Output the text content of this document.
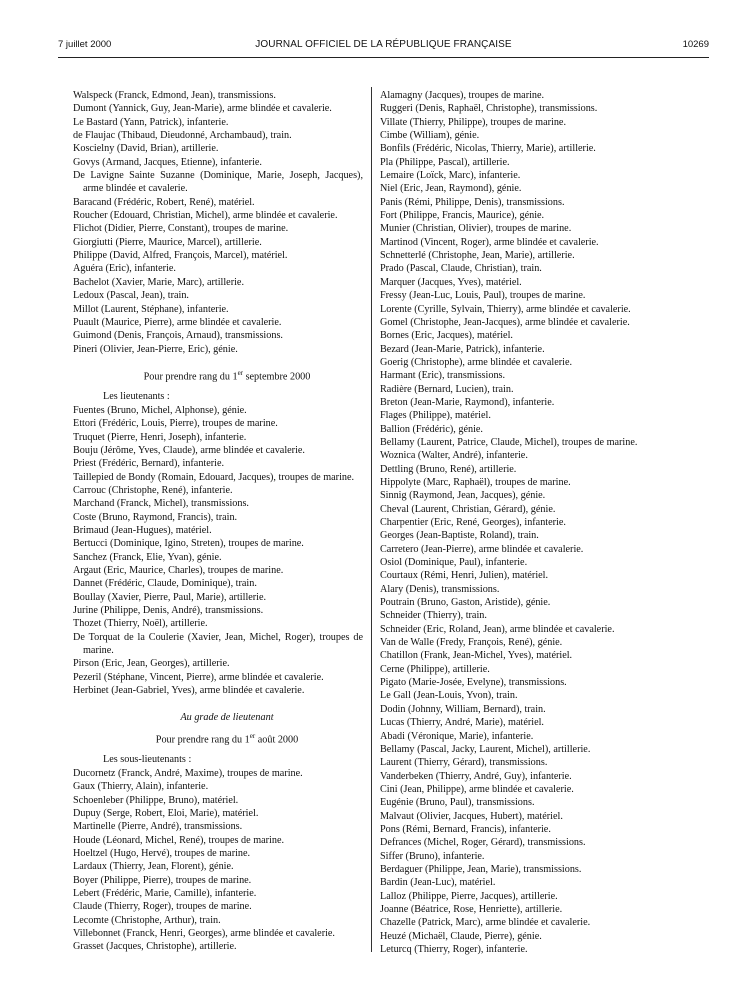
7 juillet 2000	JOURNAL OFFICIEL DE LA RÉPUBLIQUE FRANÇAISE	10269
Walspeck (Franck, Edmond, Jean), transmissions.
Dumont (Yannick, Guy, Jean-Marie), arme blindée et cavalerie.
Le Bastard (Yann, Patrick), infanterie.
de Flaujac (Thibaud, Dieudonné, Archambaud), train.
Koscielny (David, Brian), artillerie.
Govys (Armand, Jacques, Etienne), infanterie.
De Lavigne Sainte Suzanne (Dominique, Marie, Joseph, Jacques), arme blindée et cavalerie.
Baracand (Frédéric, Robert, René), matériel.
Roucher (Edouard, Christian, Michel), arme blindée et cavalerie.
Flichot (Didier, Pierre, Constant), troupes de marine.
Giorgiutti (Pierre, Maurice, Marcel), artillerie.
Philippe (David, Alfred, François, Marcel), matériel.
Aguéra (Eric), infanterie.
Bachelot (Xavier, Marie, Marc), artillerie.
Ledoux (Pascal, Jean), train.
Millot (Laurent, Stéphane), infanterie.
Puault (Maurice, Pierre), arme blindée et cavalerie.
Guimond (Denis, François, Arnaud), transmissions.
Pineri (Olivier, Jean-Pierre, Eric), génie.
Pour prendre rang du 1er septembre 2000
Les lieutenants :
Fuentes (Bruno, Michel, Alphonse), génie.
Ettori (Frédéric, Louis, Pierre), troupes de marine.
Truquet (Pierre, Henri, Joseph), infanterie.
Bouju (Jérôme, Yves, Claude), arme blindée et cavalerie.
Priest (Frédéric, Bernard), infanterie.
Taillepied de Bondy (Romain, Edouard, Jacques), troupes de marine.
Carrouc (Christophe, René), infanterie.
Marchand (Franck, Michel), transmissions.
Coste (Bruno, Raymond, Francis), train.
Brimaud (Jean-Hugues), matériel.
Bertucci (Dominique, Igino, Streten), troupes de marine.
Sanchez (Franck, Elie, Yvan), génie.
Argaut (Eric, Maurice, Charles), troupes de marine.
Dannet (Frédéric, Claude, Dominique), train.
Boullay (Xavier, Pierre, Paul, Marie), artillerie.
Jurine (Philippe, Denis, André), transmissions.
Thozet (Thierry, Noël), artillerie.
De Torquat de la Coulerie (Xavier, Jean, Michel, Roger), troupes de marine.
Pirson (Eric, Jean, Georges), artillerie.
Pezeril (Stéphane, Vincent, Pierre), arme blindée et cavalerie.
Herbinet (Jean-Gabriel, Yves), arme blindée et cavalerie.
Au grade de lieutenant
Pour prendre rang du 1er août 2000
Les sous-lieutenants :
Ducornetz (Franck, André, Maxime), troupes de marine.
Gaux (Thierry, Alain), infanterie.
Schoenleber (Philippe, Bruno), matériel.
Dupuy (Serge, Robert, Eloi, Marie), matériel.
Martinelle (Pierre, André), transmissions.
Houde (Léonard, Michel, René), troupes de marine.
Hoeltzel (Hugo, Hervé), troupes de marine.
Lardaux (Thierry, Jean, Florent), génie.
Boyer (Philippe, Pierre), troupes de marine.
Lebert (Frédéric, Marie, Camille), infanterie.
Claude (Thierry, Roger), troupes de marine.
Lecomte (Christophe, Arthur), train.
Villebonnet (Franck, Henri, Georges), arme blindée et cavalerie.
Grasset (Jacques, Christophe), artillerie.
Alamagny (Jacques), troupes de marine.
Ruggeri (Denis, Raphaël, Christophe), transmissions.
Villate (Thierry, Philippe), troupes de marine.
Cimbe (William), génie.
Bonfils (Frédéric, Nicolas, Thierry, Marie), artillerie.
Pla (Philippe, Pascal), artillerie.
Lemaire (Loïck, Marc), infanterie.
Niel (Eric, Jean, Raymond), génie.
Panis (Rémi, Philippe, Denis), transmissions.
Fort (Philippe, Francis, Maurice), génie.
Munier (Christian, Olivier), troupes de marine.
Martinod (Vincent, Roger), arme blindée et cavalerie.
Schnetterlé (Christophe, Jean, Marie), artillerie.
Prado (Pascal, Claude, Christian), train.
Marquer (Jacques, Yves), matériel.
Fressy (Jean-Luc, Louis, Paul), troupes de marine.
Lorente (Cyrille, Sylvain, Thierry), arme blindée et cavalerie.
Gomel (Christophe, Jean-Jacques), arme blindée et cavalerie.
Bornes (Eric, Jacques), matériel.
Bezard (Jean-Marie, Patrick), infanterie.
Goerig (Christophe), arme blindée et cavalerie.
Harmant (Eric), transmissions.
Radière (Bernard, Lucien), train.
Breton (Jean-Marie, Raymond), infanterie.
Flages (Philippe), matériel.
Ballion (Frédéric), génie.
Bellamy (Laurent, Patrice, Claude, Michel), troupes de marine.
Woznica (Walter, André), infanterie.
Dettling (Bruno, René), artillerie.
Hippolyte (Marc, Raphaël), troupes de marine.
Sinnig (Raymond, Jean, Jacques), génie.
Cheval (Laurent, Christian, Gérard), génie.
Charpentier (Eric, René, Georges), infanterie.
Georges (Jean-Baptiste, Roland), train.
Carretero (Jean-Pierre), arme blindée et cavalerie.
Osiol (Dominique, Paul), infanterie.
Courtaux (Rémi, Henri, Julien), matériel.
Alary (Denis), transmissions.
Poutrain (Bruno, Gaston, Aristide), génie.
Schneider (Thierry), train.
Schneider (Eric, Roland, Jean), arme blindée et cavalerie.
Van de Walle (Fredy, François, René), génie.
Chatillon (Frank, Jean-Michel, Yves), matériel.
Cerne (Philippe), artillerie.
Pigato (Marie-Josée, Evelyne), transmissions.
Le Gall (Jean-Louis, Yvon), train.
Dodin (Johnny, William, Bernard), train.
Lucas (Thierry, André, Marie), matériel.
Abadi (Véronique, Marie), infanterie.
Bellamy (Pascal, Jacky, Laurent, Michel), artillerie.
Laurent (Thierry, Gérard), transmissions.
Vanderbeken (Thierry, André, Guy), infanterie.
Cini (Jean, Philippe), arme blindée et cavalerie.
Eugénie (Bruno, Paul), transmissions.
Malvaut (Olivier, Jacques, Hubert), matériel.
Pons (Rémi, Bernard, Francis), infanterie.
Defrances (Michel, Roger, Gérard), transmissions.
Siffer (Bruno), infanterie.
Berdaguer (Philippe, Jean, Marie), transmissions.
Bardin (Jean-Luc), matériel.
Lalloz (Philippe, Pierre, Jacques), artillerie.
Joanne (Béatrice, Rose, Henriette), artillerie.
Chazelle (Patrick, Marc), arme blindée et cavalerie.
Heuzé (Michaël, Claude, Pierre), génie.
Leturcq (Thierry, Roger), infanterie.
